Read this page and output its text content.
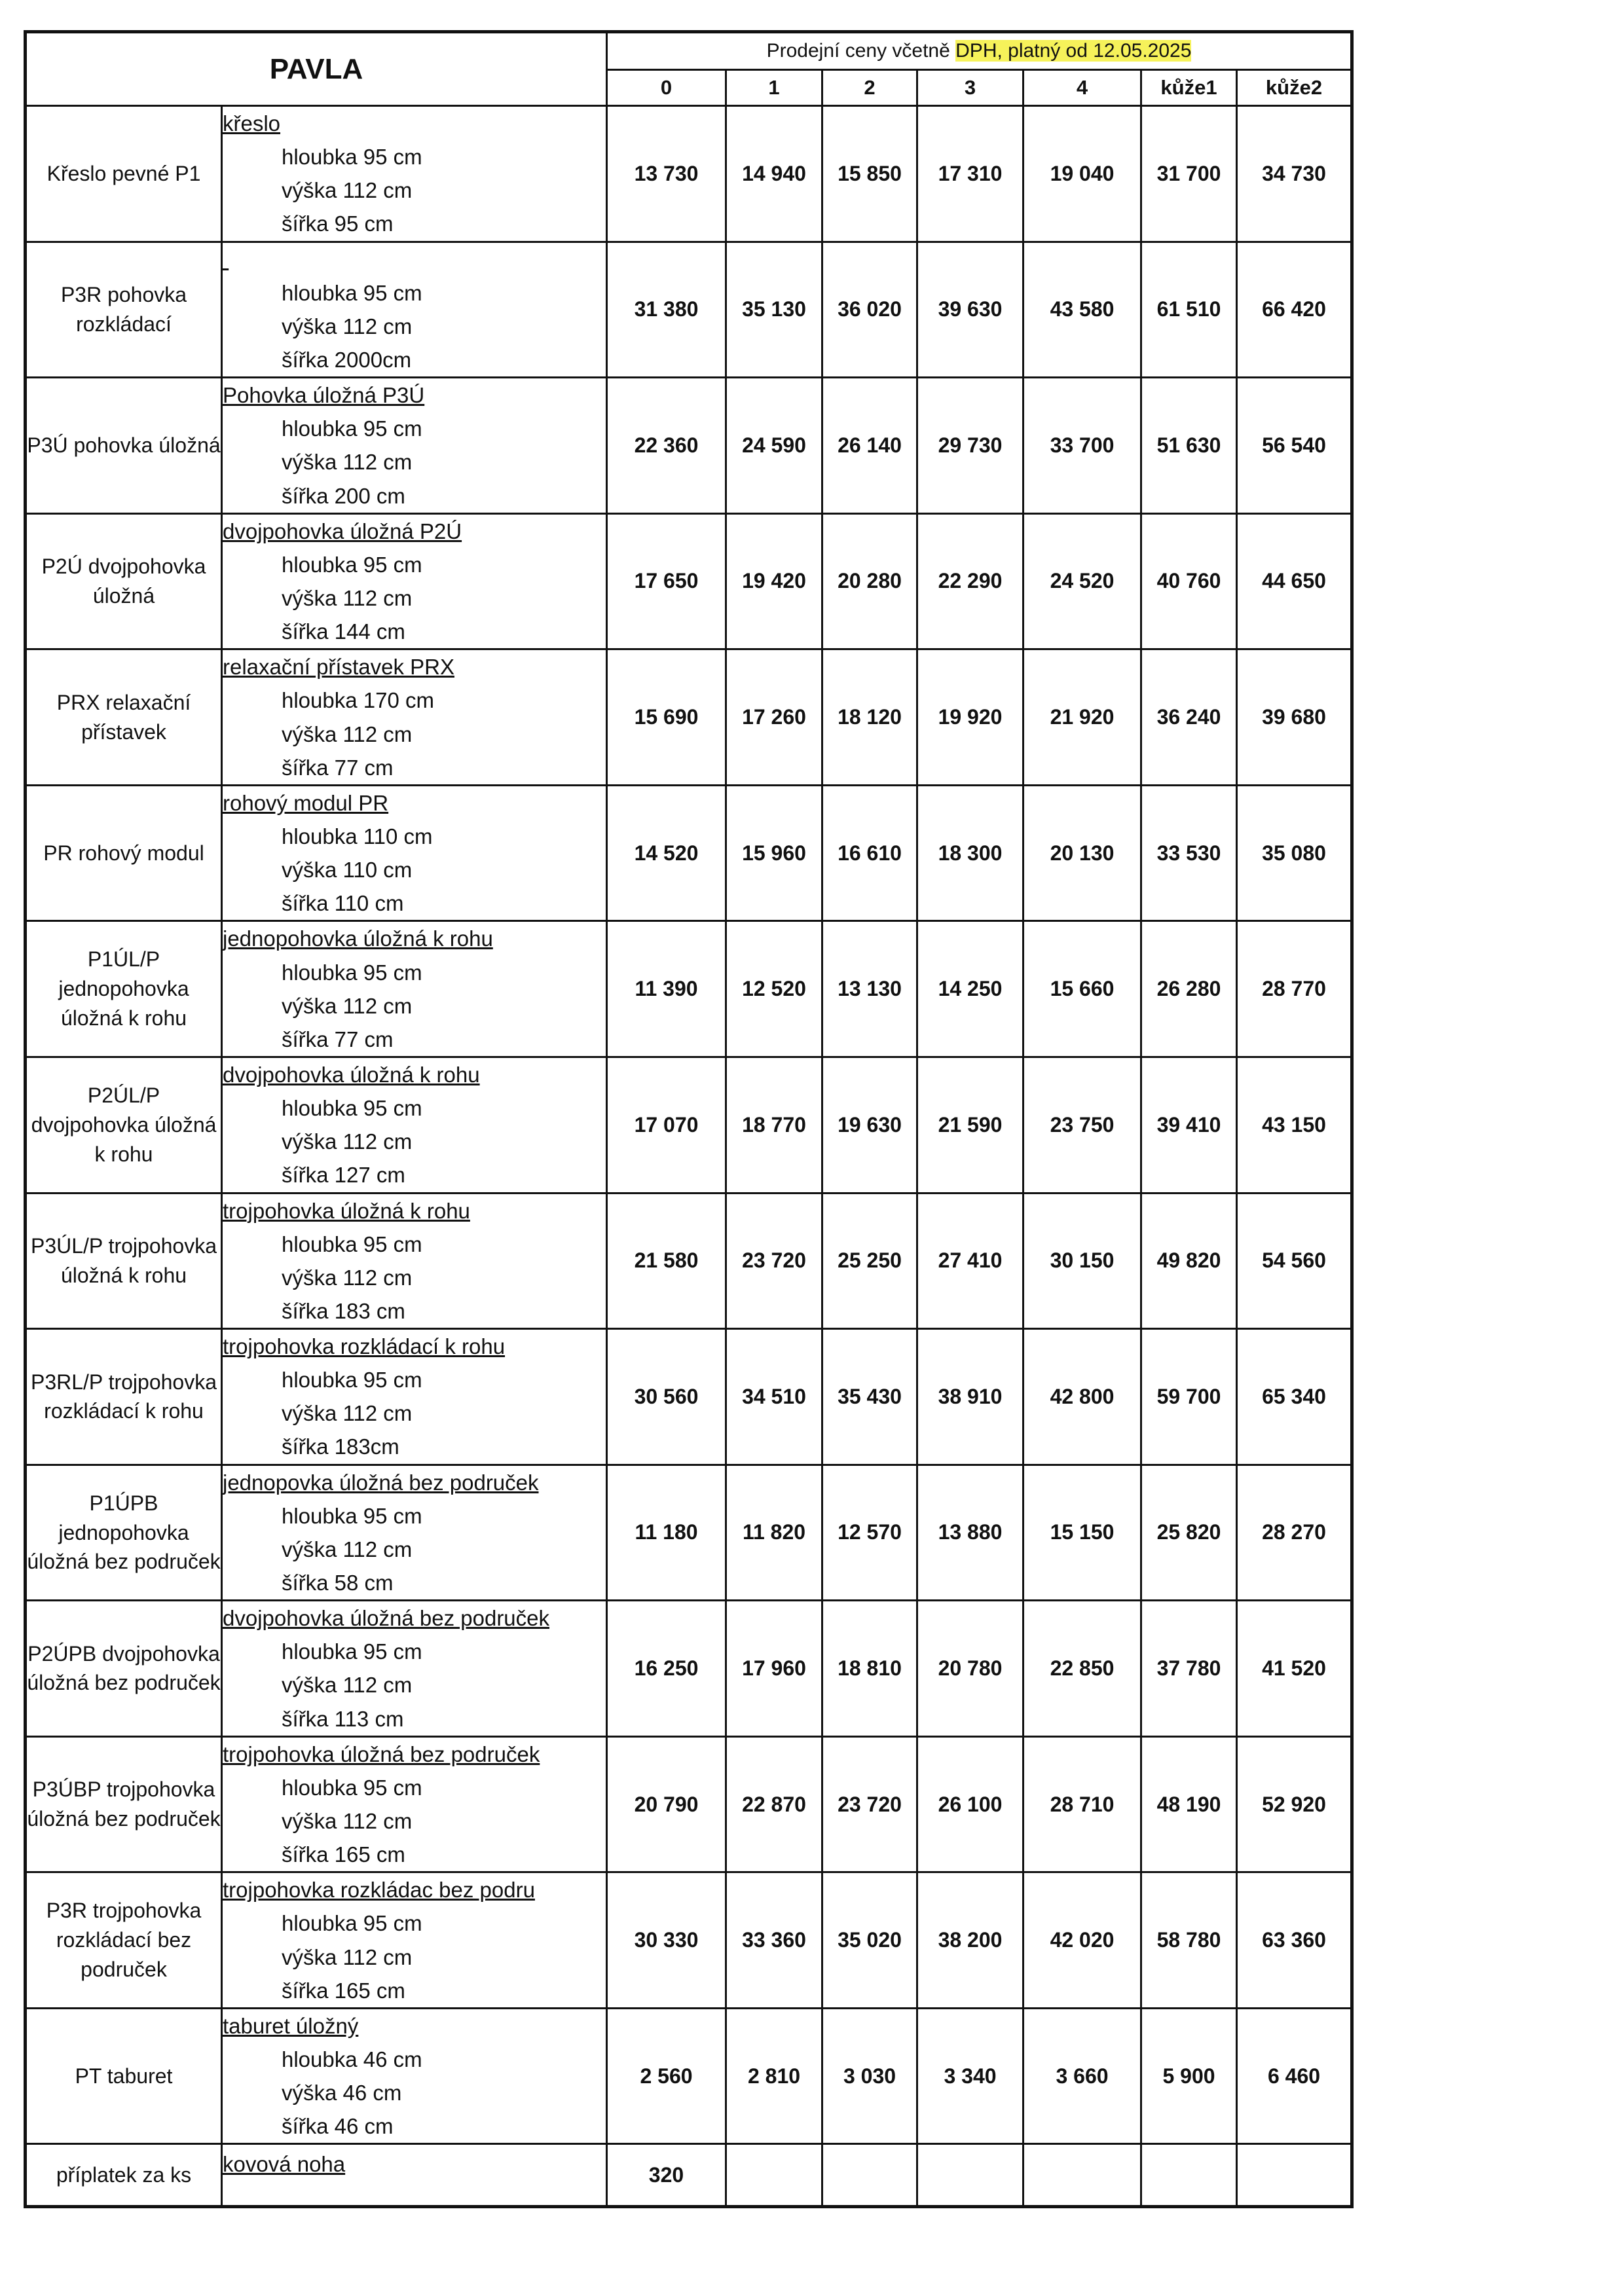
PAVLA		Prodejní ceny včetně DPH, platný od 12.05.2025						
		0	1	2	3	4	kůže1	kůže2
Křeslo pevné P1	křeslo
hloubka 95 cm
výška 112 cm
šířka 95 cm	13 730	14 940	15 850	17 310	19 040	31 700	34 730
P3R pohovka rozkládací	hloubka 95 cm
výška 112 cm
šířka 2000cm	31 380	35 130	36 020	39 630	43 580	61 510	66 420
P3Ú pohovka úložná	Pohovka úložná P3Ú
hloubka 95 cm
výška 112 cm
šířka 200 cm	22 360	24 590	26 140	29 730	33 700	51 630	56 540
P2Ú dvojpohovka úložná	dvojpohovka úložná P2Ú
hloubka 95 cm
výška 112 cm
šířka 144 cm	17 650	19 420	20 280	22 290	24 520	40 760	44 650
PRX relaxační přístavek	relaxační přístavek PRX
hloubka 170 cm
výška 112 cm
šířka 77 cm	15 690	17 260	18 120	19 920	21 920	36 240	39 680
PR rohový modul	rohový modul PR
hloubka 110 cm
výška 110 cm
šířka 110 cm	14 520	15 960	16 610	18 300	20 130	33 530	35 080
P1ÚL/P jednopohovka úložná k rohu	jednopohovka úložná k rohu
hloubka 95 cm
výška 112 cm
šířka 77 cm	11 390	12 520	13 130	14 250	15 660	26 280	28 770
P2ÚL/P dvojpohovka úložná k rohu	dvojpohovka úložná k rohu
hloubka 95 cm
výška 112 cm
šířka 127 cm	17 070	18 770	19 630	21 590	23 750	39 410	43 150
P3ÚL/P trojpohovka úložná k rohu	trojpohovka úložná k rohu
hloubka 95 cm
výška 112 cm
šířka 183 cm	21 580	23 720	25 250	27 410	30 150	49 820	54 560
P3RL/P trojpohovka rozkládací k rohu	trojpohovka rozkládací k rohu
hloubka 95 cm
výška 112 cm
šířka 183cm	30 560	34 510	35 430	38 910	42 800	59 700	65 340
P1ÚPB jednopohovka úložná bez područek	jednopovka úložná bez područek
hloubka 95 cm
výška 112 cm
šířka 58 cm	11 180	11 820	12 570	13 880	15 150	25 820	28 270
P2ÚPB dvojpohovka úložná bez područek	dvojpohovka úložná bez područek
hloubka 95 cm
výška 112 cm
šířka 113 cm	16 250	17 960	18 810	20 780	22 850	37 780	41 520
P3ÚBP trojpohovka úložná bez područek	trojpohovka úložná bez područek
hloubka 95 cm
výška 112 cm
šířka 165 cm	20 790	22 870	23 720	26 100	28 710	48 190	52 920
P3R trojpohovka rozkládací bez područek	trojpohovka rozkládac bez podru
hloubka 95 cm
výška 112 cm
šířka 165 cm	30 330	33 360	35 020	38 200	42 020	58 780	63 360
PT taburet	taburet úložný
hloubka 46 cm
výška 46 cm
šířka 46 cm	2 560	2 810	3 030	3 340	3 660	5 900	6 460
příplatek za ks	kovová noha	320						
